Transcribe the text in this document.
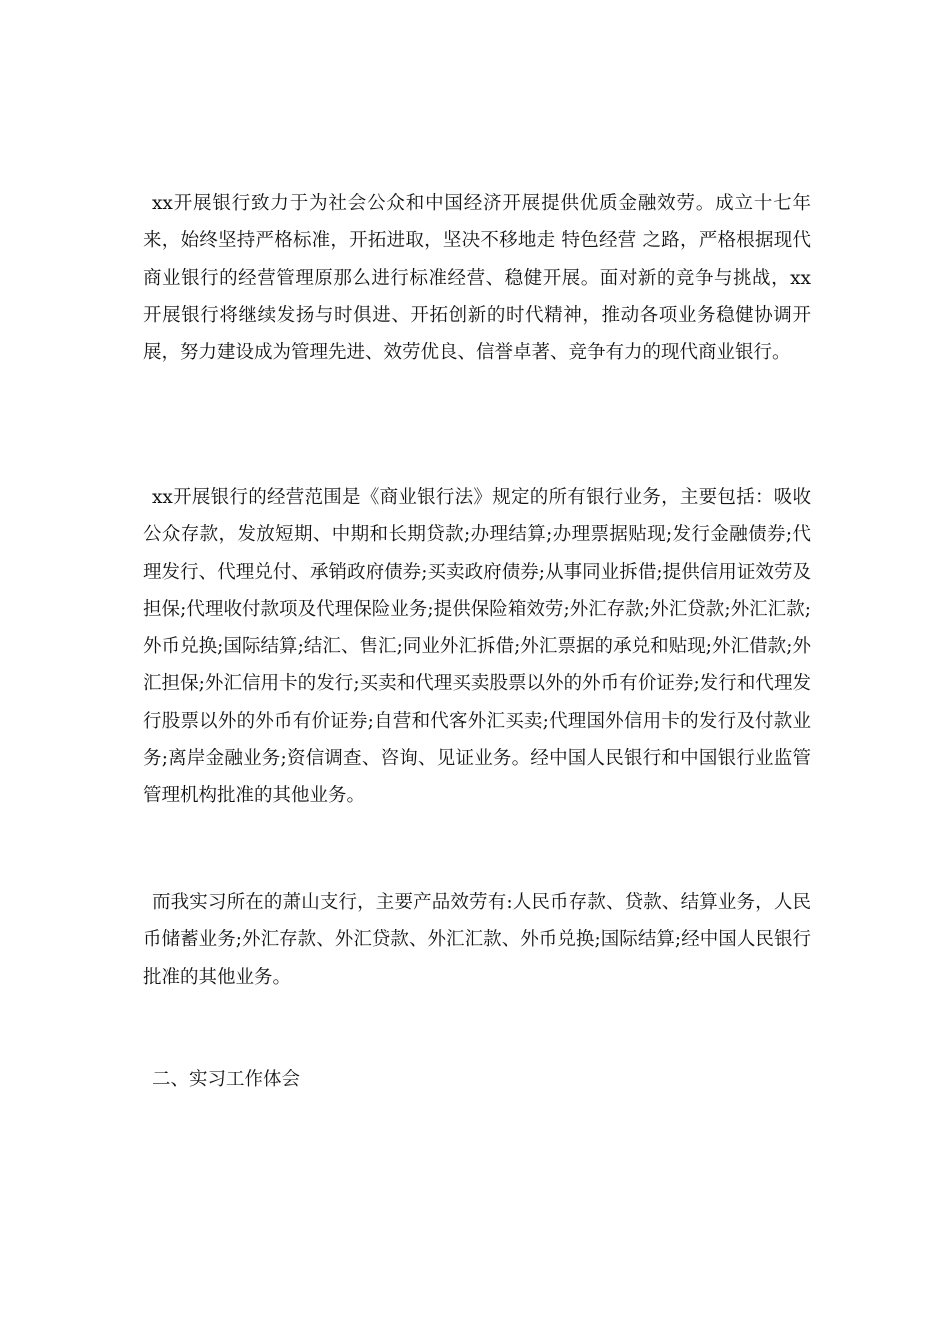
xx开展银行致力于为社会公众和中国经济开展提供优质金融效劳。成立十七年来，始终坚持严格标准，开拓进取，坚决不移地走 特色经营 之路，严格根据现代商业银行的经营管理原那么进行标准经营、稳健开展。面对新的竞争与挑战，xx开展银行将继续发扬与时俱进、开拓创新的时代精神，推动各项业务稳健协调开展，努力建设成为管理先进、效劳优良、信誉卓著、竞争有力的现代商业银行。

xx开展银行的经营范围是《商业银行法》规定的所有银行业务，主要包括：吸收公众存款，发放短期、中期和长期贷款;办理结算;办理票据贴现;发行金融债券;代理发行、代理兑付、承销政府债券;买卖政府债券;从事同业拆借;提供信用证效劳及担保;代理收付款项及代理保险业务;提供保险箱效劳;外汇存款;外汇贷款;外汇汇款;外币兑换;国际结算;结汇、售汇;同业外汇拆借;外汇票据的承兑和贴现;外汇借款;外汇担保;外汇信用卡的发行;买卖和代理买卖股票以外的外币有价证券;发行和代理发行股票以外的外币有价证券;自营和代客外汇买卖;代理国外信用卡的发行及付款业务;离岸金融业务;资信调查、咨询、见证业务。经中国人民银行和中国银行业监管管理机构批准的其他业务。

而我实习所在的萧山支行，主要产品效劳有:人民币存款、贷款、结算业务，人民币储蓄业务;外汇存款、外汇贷款、外汇汇款、外币兑换;国际结算;经中国人民银行批准的其他业务。

二、实习工作体会
